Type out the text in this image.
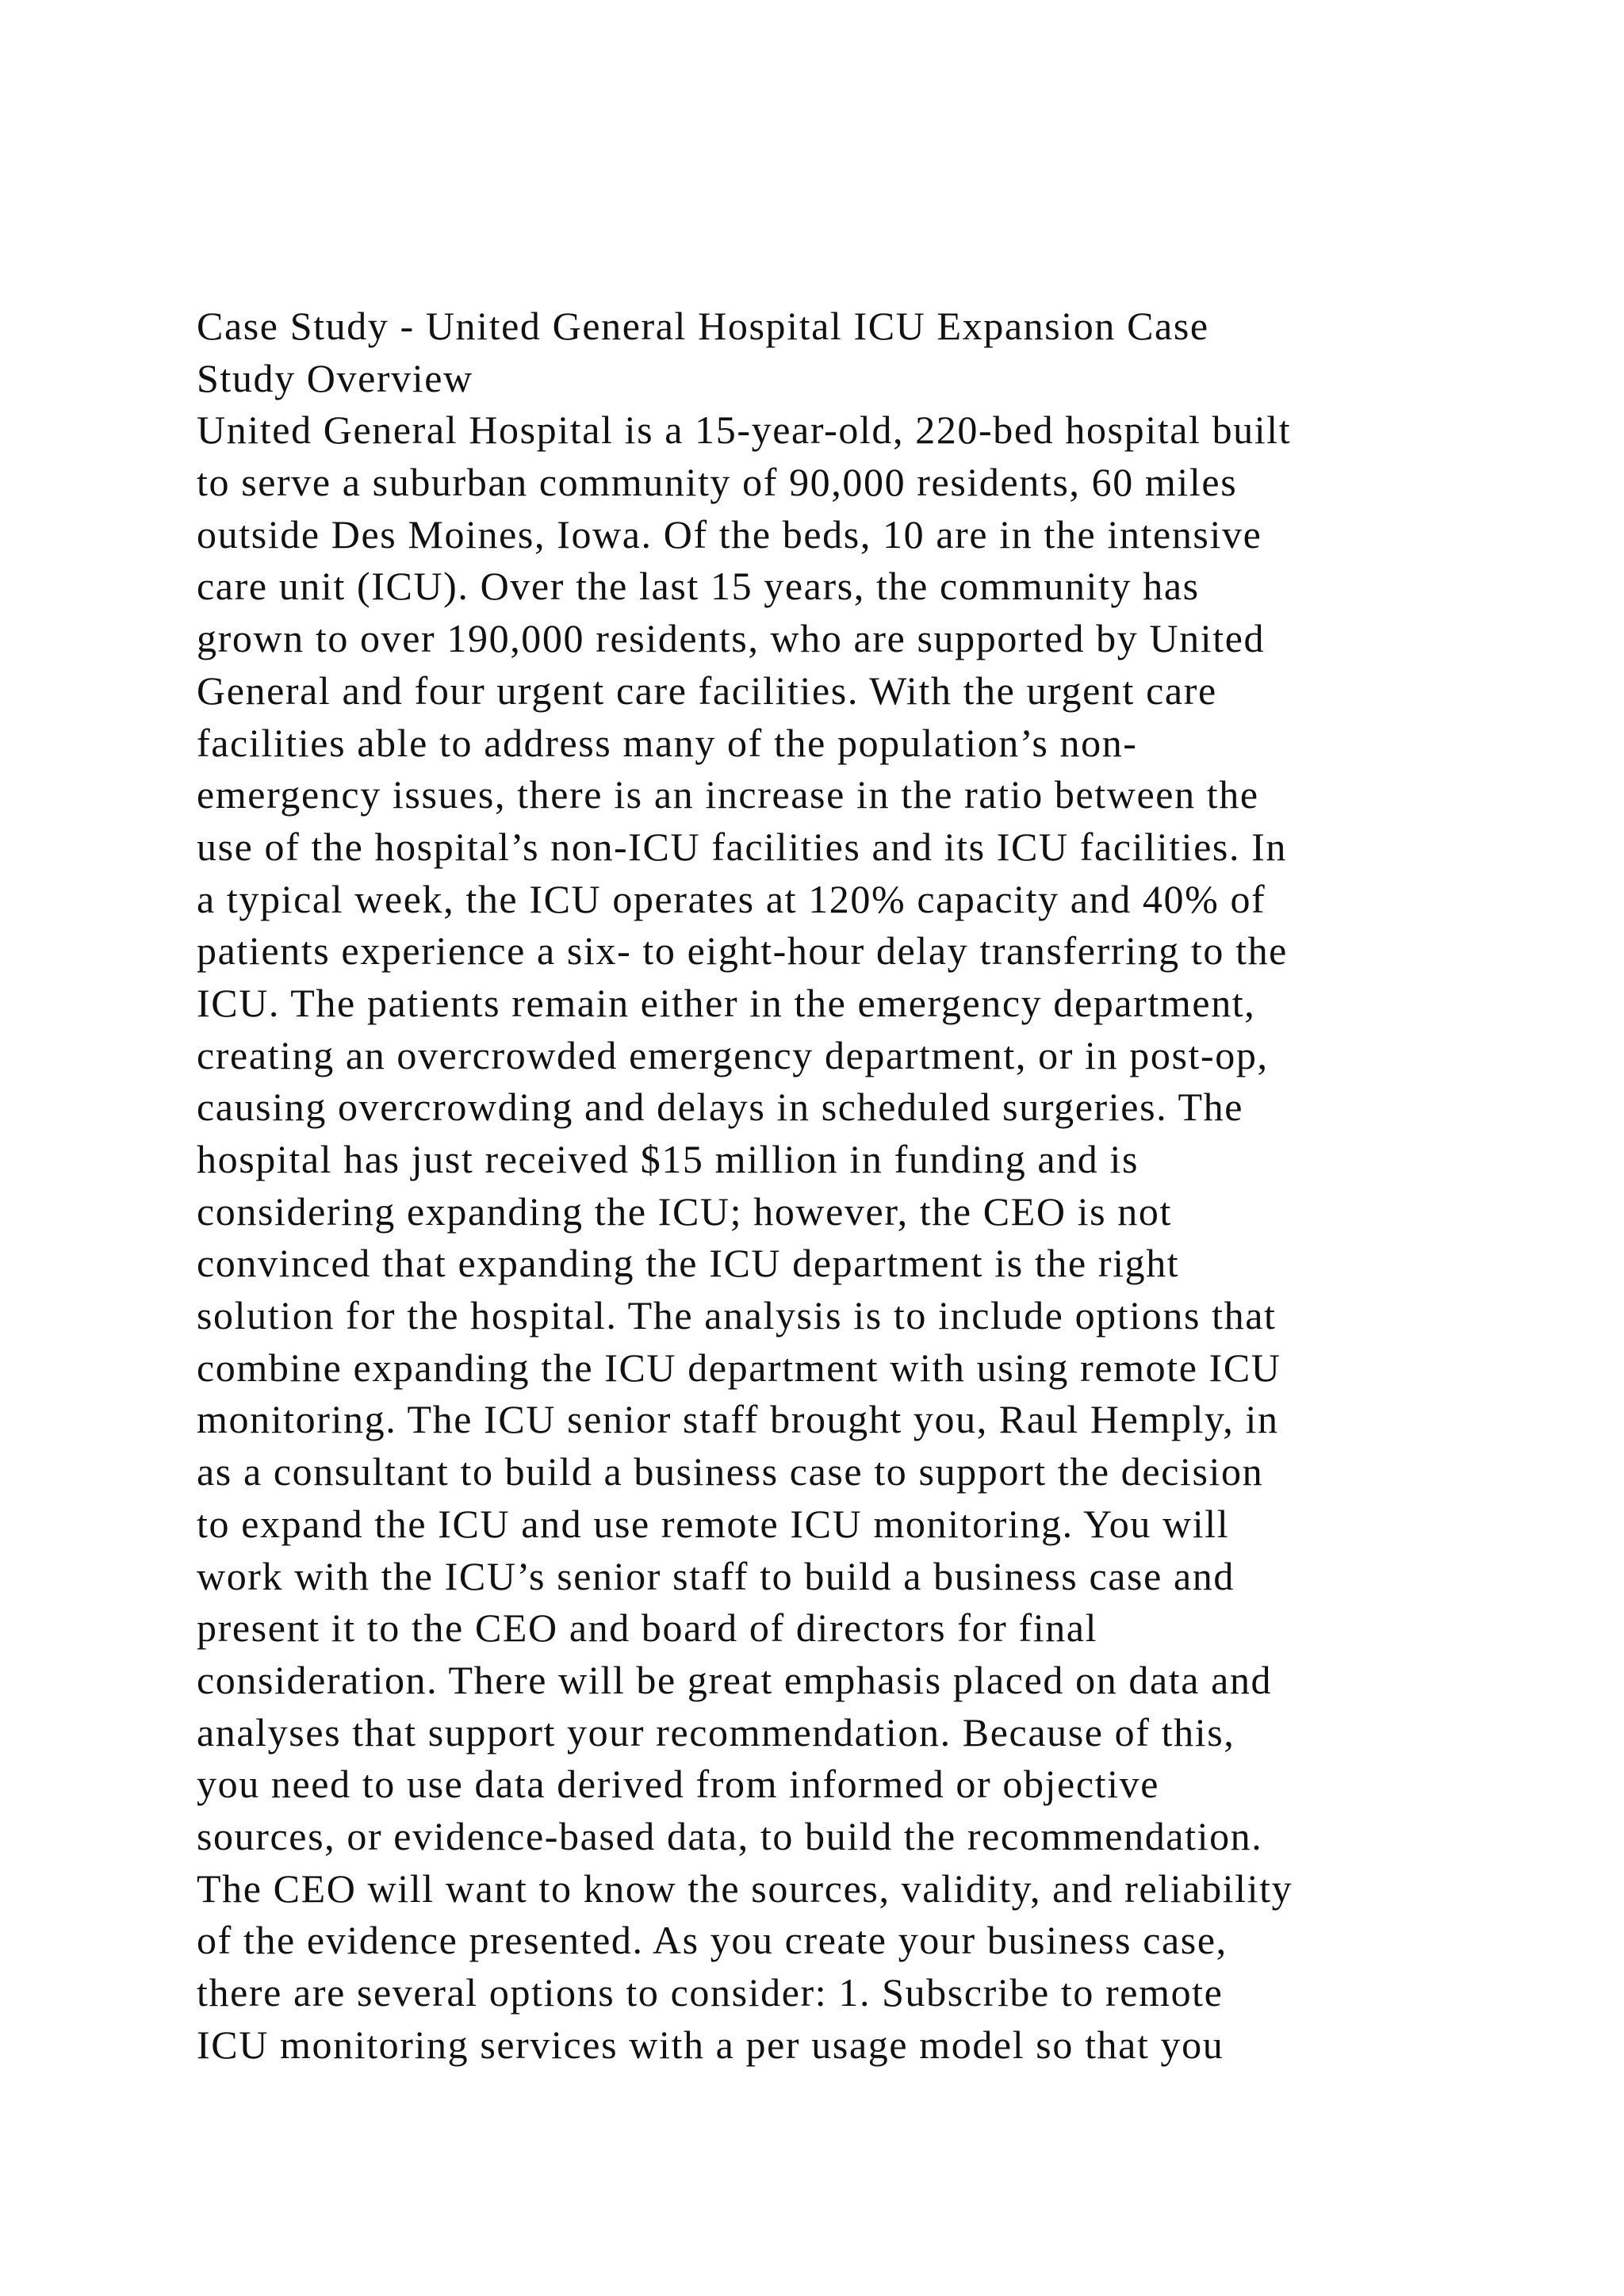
Case Study - United General Hospital ICU Expansion Case
Study Overview
United General Hospital is a 15-year-old, 220-bed hospital built
to serve a suburban community of 90,000 residents, 60 miles
outside Des Moines, Iowa. Of the beds, 10 are in the intensive
care unit (ICU). Over the last 15 years, the community has
grown to over 190,000 residents, who are supported by United
General and four urgent care facilities. With the urgent care
facilities able to address many of the population’s non-
emergency issues, there is an increase in the ratio between the
use of the hospital’s non-ICU facilities and its ICU facilities. In
a typical week, the ICU operates at 120% capacity and 40% of
patients experience a six- to eight-hour delay transferring to the
ICU. The patients remain either in the emergency department,
creating an overcrowded emergency department, or in post-op,
causing overcrowding and delays in scheduled surgeries. The
hospital has just received $15 million in funding and is
considering expanding the ICU; however, the CEO is not
convinced that expanding the ICU department is the right
solution for the hospital. The analysis is to include options that
combine expanding the ICU department with using remote ICU
monitoring. The ICU senior staff brought you, Raul Hemply, in
as a consultant to build a business case to support the decision
to expand the ICU and use remote ICU monitoring. You will
work with the ICU’s senior staff to build a business case and
present it to the CEO and board of directors for final
consideration. There will be great emphasis placed on data and
analyses that support your recommendation. Because of this,
you need to use data derived from informed or objective
sources, or evidence-based data, to build the recommendation.
The CEO will want to know the sources, validity, and reliability
of the evidence presented. As you create your business case,
there are several options to consider: 1. Subscribe to remote
ICU monitoring services with a per usage model so that you
